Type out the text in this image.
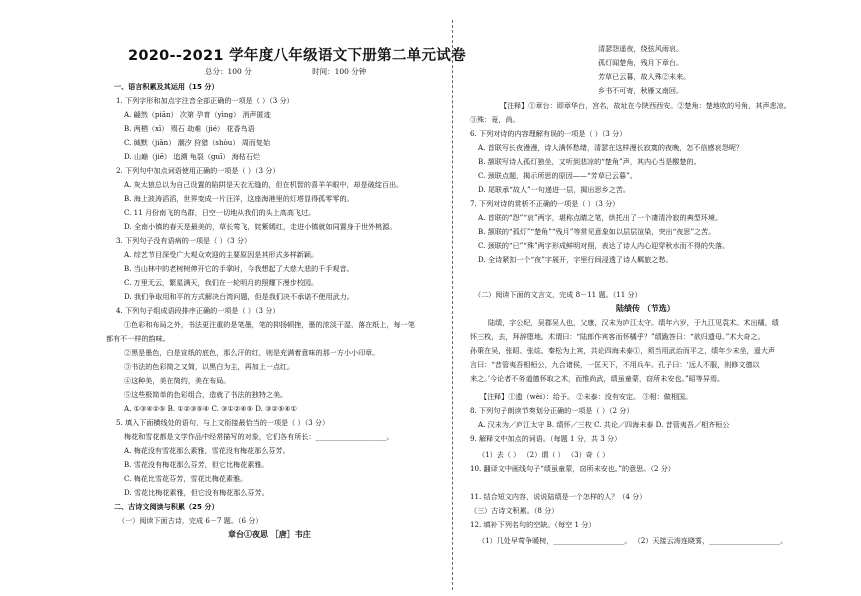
2020--2021 学年度八年级语文下册第二单元试卷
总分：100 分	时间：100 分钟
一、语言积累及其运用（15 分）
1. 下列字形和加点字注音全部正确的一项是（ ）（3 分）
A. 翩然（piān） 次第 孕育（yìng） 消声匿迹
B. 两栖（xī） 殒石 劫难（jié） 花香鸟语
C. 缄默（jiān） 潮汐 狩猎（shòu） 周而复始
D. 山巅（jiē） 追溯 龟裂（guī） 海枯石烂
2. 下列句中加点词语使用正确的一项是（ ）（3 分）
A. 灰太狼总以为自己设置的陷阱是天衣无缝的，但在机智的喜羊羊眼中，却是破绽百出。
B. 海上波涛滔滔，世界变成一片汪洋，这座海港里的灯塔显得孤零零的。
C. 11 月份南飞的鸟群，日空一切地从我们的头上高高飞过。
D. 全南小镇的春天是最美的，草长莺飞，姹紫嫣红，走进小镇就如同置身于世外桃源。
3. 下列句子没有语病的一项是（ ）（3 分）
A. 综艺节目深受广大观众欢迎的主要原因是其形式多样新颖。
B. 当山林中的老树树伸开它的手掌时，今我想起了大慈大悲的千手观音。
C. 万里无云，繁星满天，我们在一轮明月的照耀下漫步校园。
D. 我们争取用和平的方式解决台湾问题，但是我们决不承诺不使用武力。
4. 下列句子组成语段排序正确的一项是（ ）（3 分）
①色彩和布局之外，书法更注重的是笔墨，笔的抑扬顿挫，墨的浓淡干湿，落在纸上，每一笔
都有不一样的韵味。
②黑是墨色，白是宣纸的底色，那么汗的红，则是充满着意味的那一方小小印章。
③书法的色彩简之又简，以黑白为主，再加上一点红。
④这种美，美在简约，美在布局。
⑤这些极简单的色彩组合，造就了书法的独特之美。
A. ①③④②⑤ B. ①②③⑤④ C. ③①②④⑤ D. ③②⑤④①
5. 填入下面横线处的语句，与上文衔接最恰当的一项是（ ）（3 分）
梅花和雪花都是文学作品中经常描写的对象，它们各有所长：____________________。
A. 梅花没有雪花那么素雅，雪花没有梅花那么芬芳。
B. 雪花没有梅花那么芬芳，但它比梅花素雅。
C. 梅花比雪花芬芳，雪花比梅花素雅。
D. 雪花比梅花素雅，但它没有梅花那么芬芳。
二、古诗文阅读与积累（25 分）
（一）阅读下面古诗，完成 6－7 题。（6 分）
章台①夜思 ［唐］韦庄
清瑟怨遥夜，绕弦风雨哀。
孤灯闻楚角，残月下章台。
芳草已云暮，故人殊②未来。
乡书不可寄，秋雁又南回。
【注释】①章台：即章华台，宫名，故址在今陕西西安。②楚角：楚地吹的号角，其声悲凉。
③殊：竟，尚。
6. 下列对诗的内容理解有误的一项是（ ）（3 分）
A. 首联写长夜漫漫，诗人满怀愁绪，清瑟在这样漫长寂寞的夜晚，怎不倍感哀怨呢？
B. 颔联写诗人孤灯独坐，又听到悲凉的“楚角”声，其内心当是酸楚的。
C. 颈联点题，揭示所思的原因——“芳草已云暮”。
D. 尾联承“故人”一句递进一层，揭出思乡之苦。
7. 下列对诗的赏析不正确的一项是（ ）（3 分）
A. 首联的“怨”“哀”两字，堪称点睛之笔，烘托出了一个凄清冷寂的典型环境。
B. 颔联的“孤灯”“楚角”“残月”等常见意象如以层层渲染，突出“夜思”之苦。
C. 颈联的“已”“殊”两字形成鲜明对照，表达了诗人内心迎穿秋水而不得的失落。
D. 全诗紧扣一个“夜”字展开，字里行间浸透了诗人羁旅之愁。
（二）阅读下面的文言文，完成 8－11 题。（11 分）
陆绩传 （节选）
陆绩，字公纪，吴郡吴人也，父康，汉末为庐江太守。绩年六岁，于九江见袁术。术出橘，绩
怀三枚，去，拜辞堕地。术谓曰：“陆郎作宾客而怀橘乎？”绩跪答曰：“欲归遗母。”术大奇之。
孙策在吴，张昭、张纮、秦松为上宾，共论四海未泰①，须当用武治而平之，绩年少末坐，遥大声
言曰：“昔管夷吾相桓公，九合诸侯，一匡天下，不用兵车。孔子曰：‘远人不服，则修文德以
来之。’今论者不务道德怀取之术，而惟尚武，绩虽童蒙，窃所未安也。”昭等异焉。
【注释】①遗（wèi）：给予。 ②未泰：没有安定。 ③相：做相国。
8. 下列句子朗读节奏划分正确的一项是（ ）（2 分）
A. 汉末为／庐江太守 B. 绩怀／三枚 C. 共论／四海未泰 D. 昔管夷吾／相齐桓公
9. 解释文中加点的词语。（每题 1 分，共 3 分）
（1）去（ ） （2）谓（ ） （3）奇（ ）
10. 翻译文中画线句子“绩虽童蒙，窃所未安也。”的意思。（2 分）
11. 结合短文内容，说说陆绩是一个怎样的人？（4 分）
（三）古诗文积累。（8 分）
12. 填补下列名句的空缺。（每空 1 分）
（1）几处早莺争暖树，____________________。 （2）天接云涛连晓雾，____________________。
